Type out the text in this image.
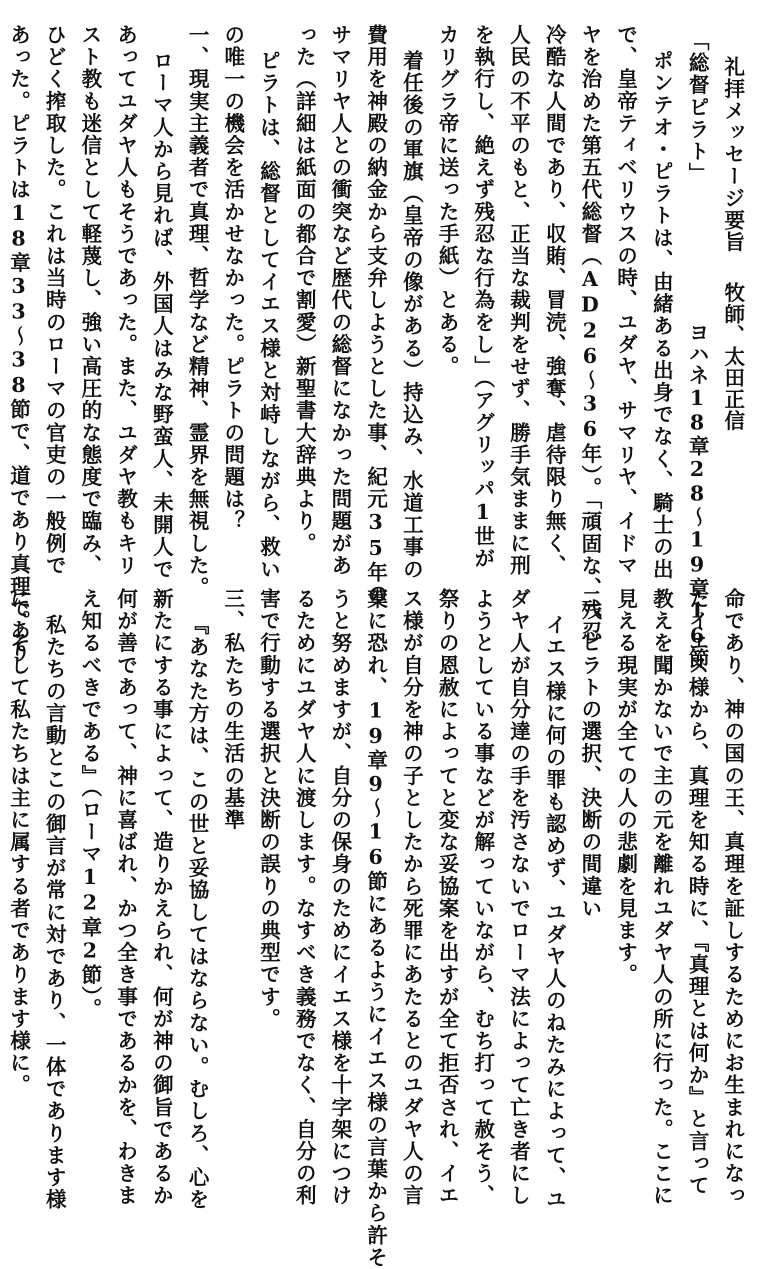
礼拝メッセージ要旨
牧師、太田正信
「総督ピラト」
ヨハネ18章28〜19章16節
ポンテオ・ピラトは、由緒ある出身でなく、騎士の出
で、皇帝ティベリウスの時、ユダヤ、サマリヤ、イドマ
ヤを治めた第五代総督（AD26〜36年）。「頑固な、残忍
冷酷な人間であり、収賄、冒涜、強奪、虐待限り無く、
人民の不平のもと、正当な裁判をせず、勝手気ままに刑
を執行し、絶えず残忍な行為をし」（アグリッパ1世が
カリグラ帝に送った手紙）とある。
着任後の軍旗（皇帝の像がある）持込み、水道工事の
費用を神殿の納金から支弁しようとした事、紀元35年の
サマリヤ人との衝突など歴代の総督になかった問題があ
った（詳細は紙面の都合で割愛）新聖書大辞典より。
ピラトは、総督としてイエス様と対峙しながら、救い
の唯一の機会を活かせなかった。ピラトの問題は？
一、現実主義者で真理、哲学など精神、霊界を無視した。
ローマ人から見れば、外国人はみな野蛮人、未開人で
あってユダヤ人もそうであった。また、ユダヤ教もキリ
スト教も迷信として軽蔑し、強い高圧的な態度で臨み、
ひどく搾取した。これは当時のローマの官吏の一般例で
あった。ピラトは18章33〜38節で、道であり真理であり
命であり、神の国の王、真理を証しするためにお生まれになっ
たイエス様から、真理を知る時に、『真理とは何か』と言って
教えを聞かないで主の元を離れユダヤ人の所に行った。ここに
見える現実が全ての人の悲劇を見ます。
二、ピラトの選択、決断の間違い
イエス様に何の罪も認めず、ユダヤ人のねたみによって、ユ
ダヤ人が自分達の手を汚さないでローマ法によって亡き者にし
ようとしている事などが解っていながら、むち打って赦そう、
祭りの恩赦によってと変な妥協案を出すが全て拒否され、イエ
ス様が自分を神の子としたから死罪にあたるとのユダヤ人の言
葉に恐れ、19章9〜16節にあるようにイエス様の言葉から許そ
うと努めますが、自分の保身のためにイエス様を十字架につけ
るためにユダヤ人に渡します。なすべき義務でなく、自分の利
害で行動する選択と決断の誤りの典型です。
三、私たちの生活の基準
『あなた方は、この世と妥協してはならない。むしろ、心を
新たにする事によって、造りかえられ、何が神の御旨であるか
何が善であって、神に喜ばれ、かつ全き事であるかを、わきま
え知るべきである』（ローマ12章2節）。
私たちの言動とこの御言が常に対であり、一体であります様
に。そして私たちは主に属する者であります様に。
